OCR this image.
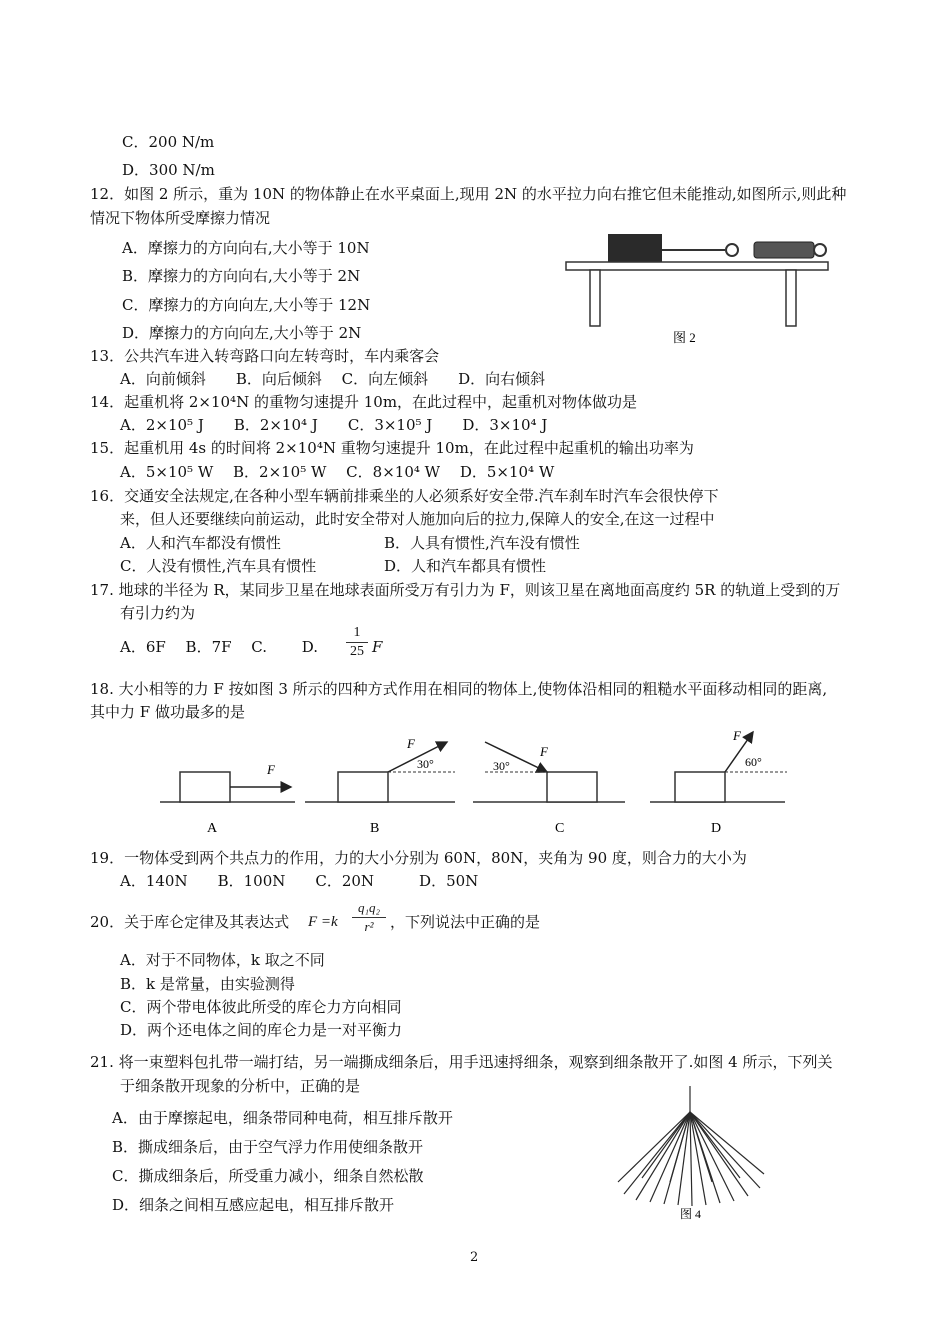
C．200 N/m
D．300 N/m
12．如图 2 所示，重为 10N 的物体静止在水平桌面上,现用 2N 的水平拉力向右推它但未能推动,如图所示,则此种
情况下物体所受摩擦力情况
A．摩擦力的方向向右,大小等于 10N
B．摩擦力的方向向右,大小等于 2N
C．摩擦力的方向向左,大小等于 12N
D．摩擦力的方向向左,大小等于 2N	图 2
13．公共汽车进入转弯路口向左转弯时，车内乘客会
A．向前倾斜　　B．向后倾斜　 C．向左倾斜　　D．向右倾斜
14．起重机将 2×10⁴N 的重物匀速提升 10m，在此过程中，起重机对物体做功是
A．2×10⁵ J　　B．2×10⁴ J　　C．3×10⁵ J　　D．3×10⁴ J
15．起重机用 4s 的时间将 2×10⁴N 重物匀速提升 10m，在此过程中起重机的输出功率为
A．5×10⁵ W　 B．2×10⁵ W　 C．8×10⁴ W　 D．5×10⁴ W
16．交通安全法规定,在各种小型车辆前排乘坐的人必须系好安全带.汽车刹车时汽车会很快停下
来，但人还要继续向前运动，此时安全带对人施加向后的拉力,保障人的安全,在这一过程中
A．人和汽车都没有惯性	B．人具有惯性,汽车没有惯性
C．人没有惯性,汽车具有惯性	D．人和汽车都具有惯性
17. 地球的半径为 R，某同步卫星在地球表面所受万有引力为 F，则该卫星在离地面高度约 5R 的轨道上受到的万
有引力约为
A．6F　 B．7F　 C.　　 D.
1
25 F
18. 大小相等的力 F 按如图 3 所示的四种方式作用在相同的物体上,使物体沿相同的粗糙水平面移动相同的距离,
其中力 F 做功最多的是
F
A
F
30°
B
F
30°
C
F
60°
D
19．一物体受到两个共点力的作用，力的大小分别为 60N，80N，夹角为 90 度，则合力的大小为
A．140N　　B．100N　　C．20N　　　D．50N
20．关于库仑定律及其表达式 F =k
q₁q₂
r²	，下列说法中正确的是
A．对于不同物体，k 取之不同
B．k 是常量，由实验测得
C．两个带电体彼此所受的库仑力方向相同
D．两个还电体之间的库仑力是一对平衡力
21. 将一束塑料包扎带一端打结，另一端撕成细条后，用手迅速捋细条，观察到细条散开了.如图 4 所示，下列关
于细条散开现象的分析中，正确的是
A．由于摩擦起电，细条带同种电荷，相互排斥散开
B．撕成细条后，由于空气浮力作用使细条散开
C．撕成细条后，所受重力减小，细条自然松散
D．细条之间相互感应起电，相互排斥散开	图 4
2
